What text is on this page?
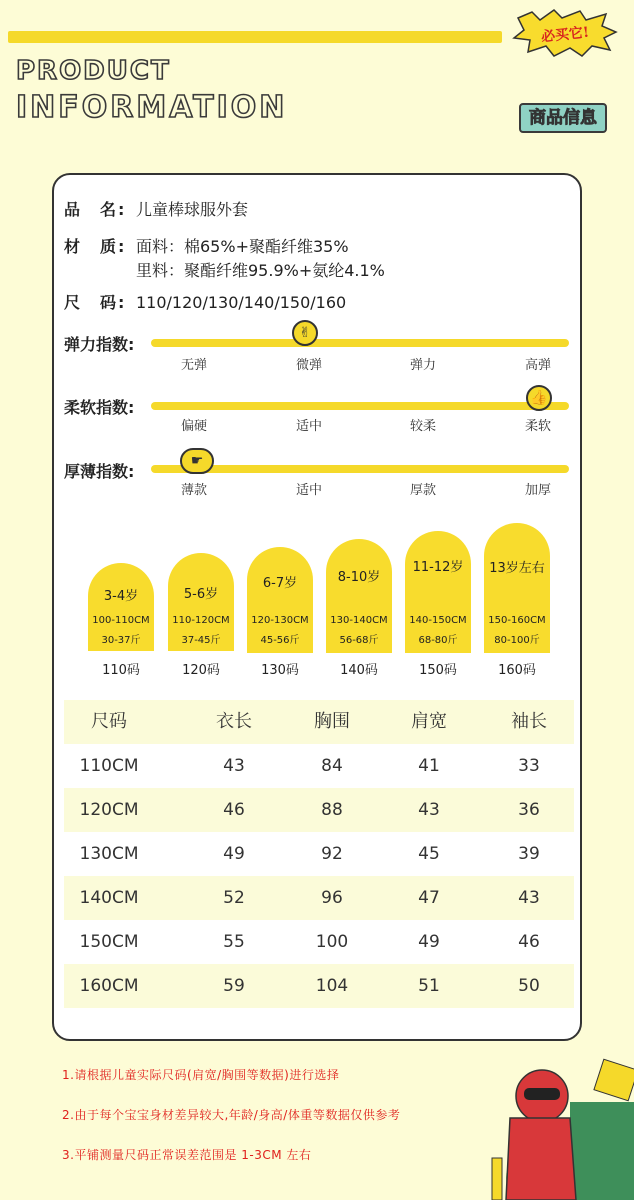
必买它!
PRODUCT
INFORMATION	商品信息
品　名: 儿童棒球服外套
材　质: 面料：棉65%+聚酯纤维35%
里料：聚酯纤维95.9%+氨纶4.1%
尺　码: 110/120/130/140/150/160
弹力指数:
✌
无弹	微弹	弹力	高弹
柔软指数:	👍
偏硬	适中	较柔	柔软
厚薄指数:
☛
薄款	适中	厚款	加厚
3-4岁
100-110CM
30-37斤
110码
5-6岁
110-120CM
37-45斤
120码
6-7岁
120-130CM
45-56斤
130码
8-10岁
130-140CM
56-68斤
140码
11-12岁
140-150CM
68-80斤
150码
13岁左右
150-160CM
80-100斤
160码
尺码	衣长	胸围	肩宽	袖长
110CM	43	84	41	33
120CM	46	88	43	36
130CM	49	92	45	39
140CM	52	96	47	43
150CM	55	100	49	46
160CM	59	104	51	50
1.请根据儿童实际尺码(肩宽/胸围等数据)进行选择
2.由于每个宝宝身材差异较大,年龄/身高/体重等数据仅供参考
3.平铺测量尺码正常误差范围是 1-3CM 左右
